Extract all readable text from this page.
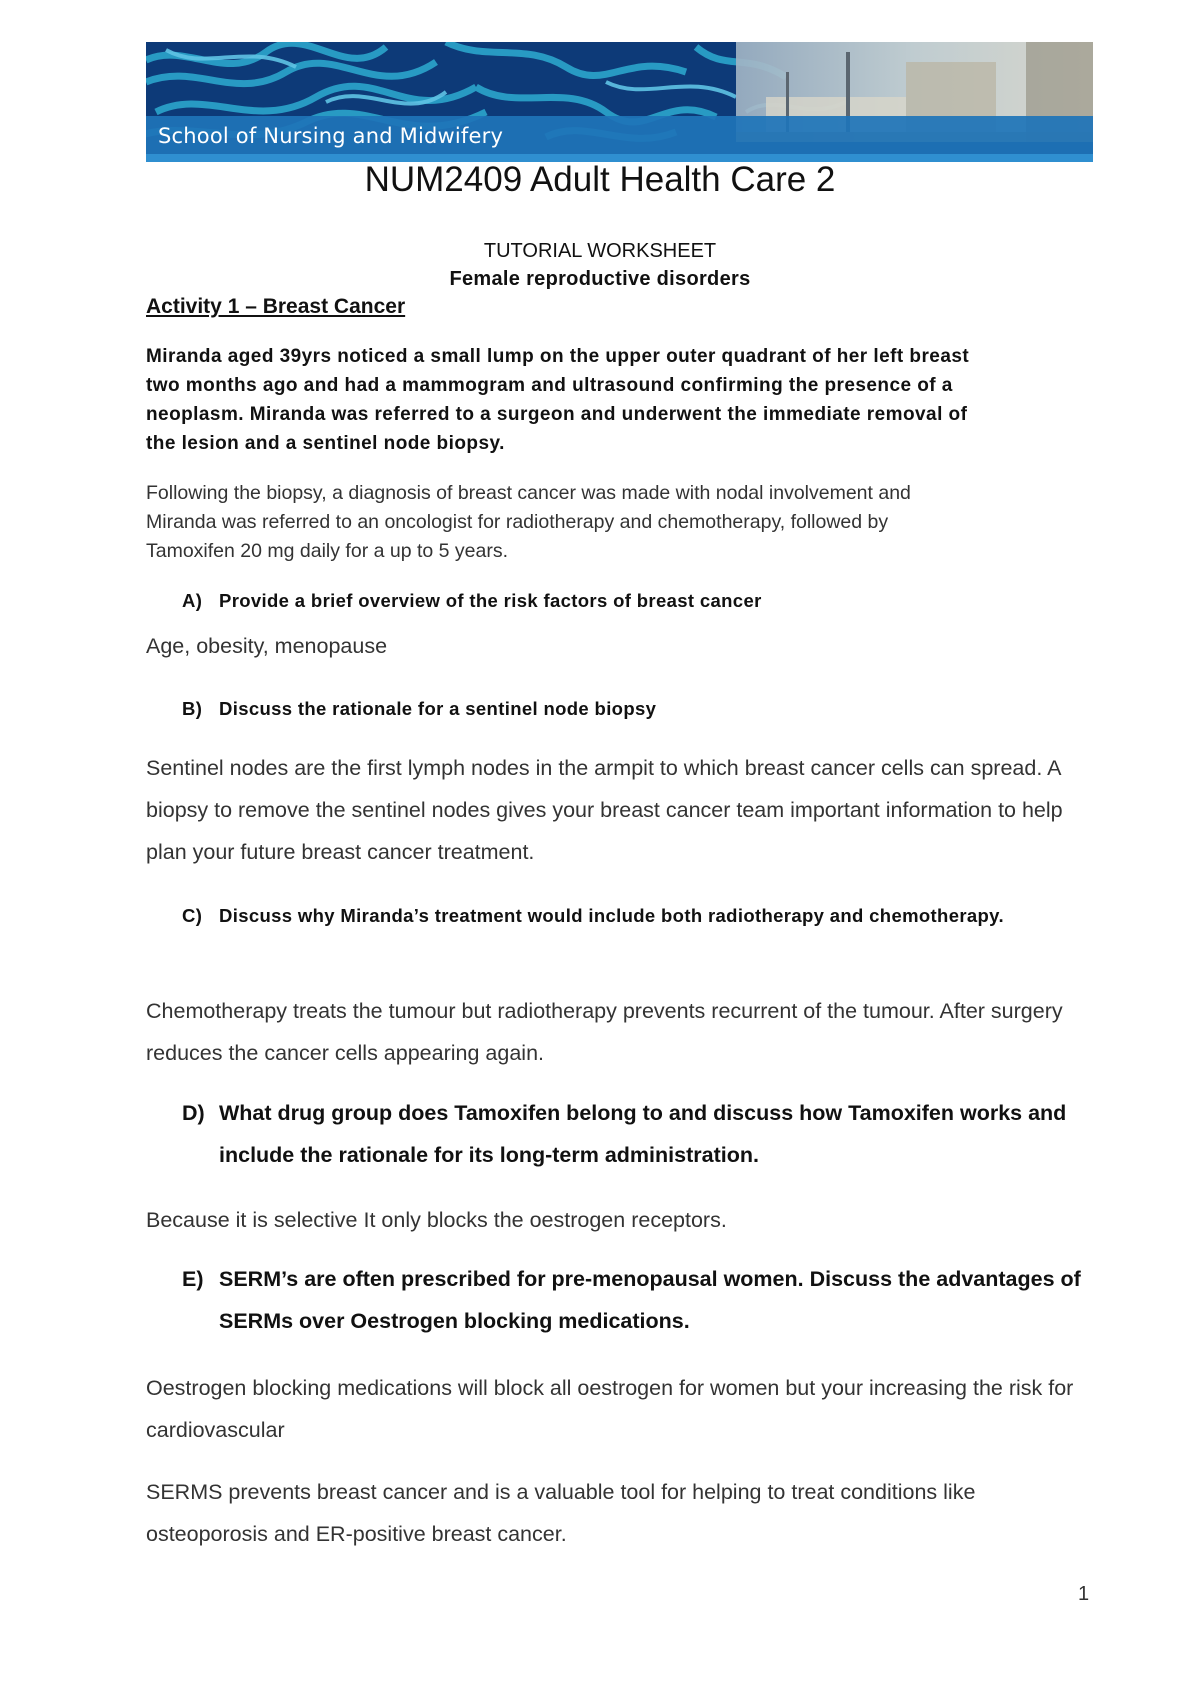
School of Nursing and Midwifery
NUM2409 Adult Health Care 2
TUTORIAL WORKSHEET
Female reproductive disorders
Activity 1 – Breast Cancer
Miranda aged 39yrs noticed a small lump on the upper outer quadrant of her left breast
two months ago and had a mammogram and ultrasound confirming the presence of a
neoplasm. Miranda was referred to a surgeon and underwent the immediate removal of
the lesion and a sentinel node biopsy.
Following the biopsy, a diagnosis of breast cancer was made with nodal involvement and
Miranda was referred to an oncologist for radiotherapy and chemotherapy, followed by
Tamoxifen 20 mg daily for a up to 5 years.
A) Provide a brief overview of the risk factors of breast cancer
Age, obesity, menopause
B) Discuss the rationale for a sentinel node biopsy
Sentinel nodes are the first lymph nodes in the armpit to which breast cancer cells can spread. A biopsy to remove the sentinel nodes gives your breast cancer team important information to help plan your future breast cancer treatment.
C) Discuss why Miranda’s treatment would include both radiotherapy and chemotherapy.
Chemotherapy treats the tumour but radiotherapy prevents recurrent of the tumour. After surgery reduces the cancer cells appearing again.
D) What drug group does Tamoxifen belong to and discuss how Tamoxifen works and include the rationale for its long-term administration.
Because it is selective It only blocks the oestrogen receptors.
E) SERM’s are often prescribed for pre-menopausal women. Discuss the advantages of SERMs over Oestrogen blocking medications.
Oestrogen blocking medications will block all oestrogen for women but your increasing the risk for cardiovascular
SERMS prevents breast cancer and is a valuable tool for helping to treat conditions like osteoporosis and ER-positive breast cancer.
1
